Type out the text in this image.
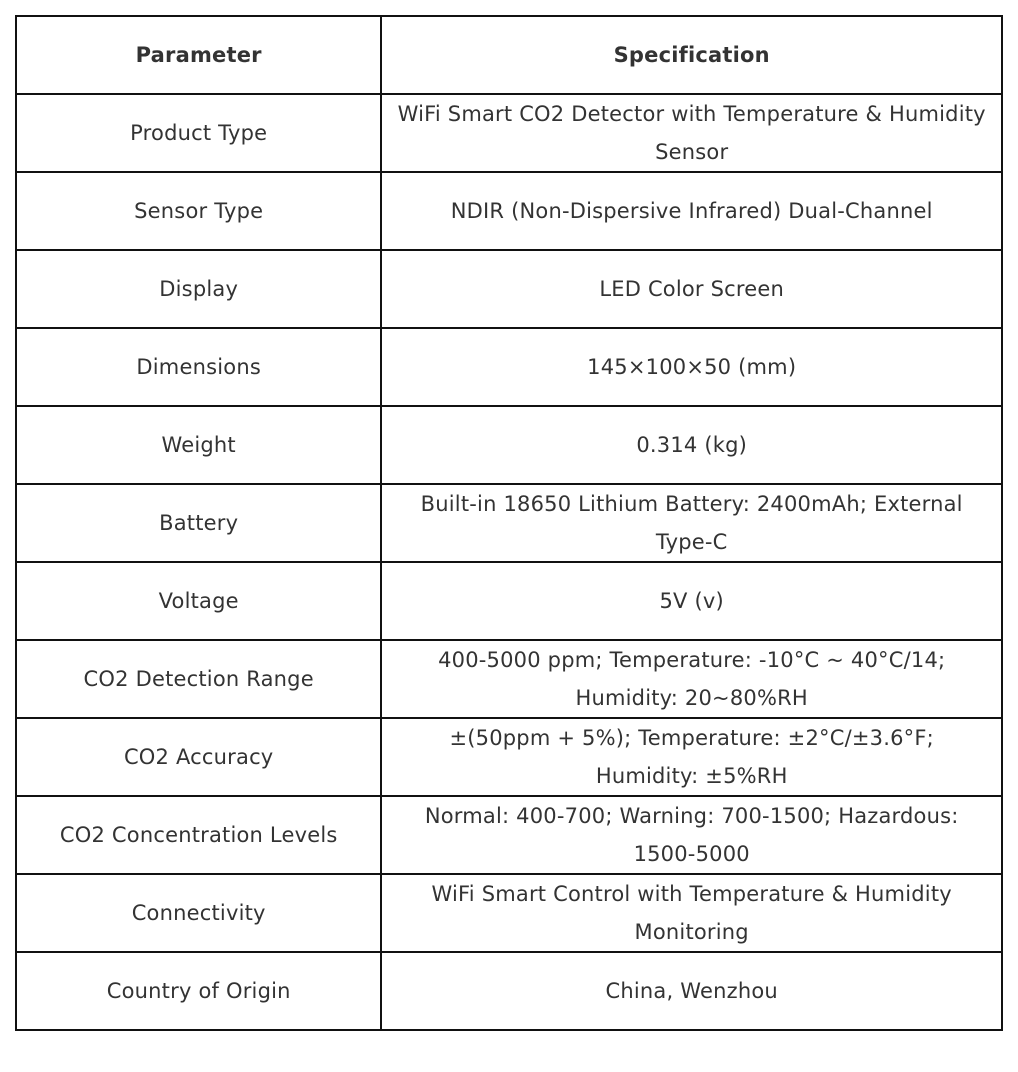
Parameter	Specification
Product Type	WiFi Smart CO2 Detector with Temperature & Humidity Sensor
Sensor Type	NDIR (Non-Dispersive Infrared) Dual-Channel
Display	LED Color Screen
Dimensions	145×100×50 (mm)
Weight	0.314 (kg)
Battery	Built-in 18650 Lithium Battery: 2400mAh; External Type-C
Voltage	5V (v)
CO2 Detection Range	400-5000 ppm; Temperature: -10°C ~ 40°C/14; Humidity: 20~80%RH
CO2 Accuracy	±(50ppm + 5%); Temperature: ±2°C/±3.6°F; Humidity: ±5%RH
CO2 Concentration Levels	Normal: 400-700; Warning: 700-1500; Hazardous: 1500-5000
Connectivity	WiFi Smart Control with Temperature & Humidity Monitoring
Country of Origin	China, Wenzhou
